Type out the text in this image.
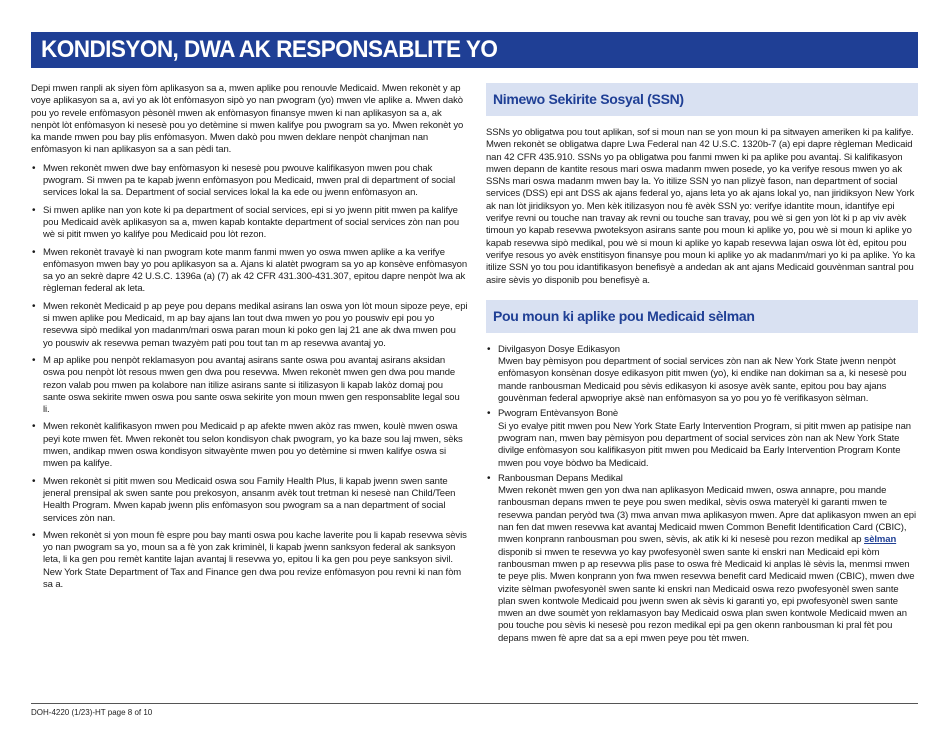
KONDISYON, DWA AK RESPONSABLITE YO

Depi mwen ranpli ak siyen fòm aplikasyon sa a, mwen aplike pou renouvle Medicaid. Mwen rekonèt y ap voye aplikasyon sa a, avi yo ak lòt enfòmasyon sipò yo nan pwogram (yo) mwen vle aplike a. Mwen dakò pou yo revele enfòmasyon pèsonèl mwen ak enfòmasyon finansye mwen ki nan aplikasyon sa a, ak nenpòt lòt enfòmasyon ki nesesè pou yo detèmine si mwen kalifye pou pwogram sa yo. Mwen rekonèt yo ka mande mwen pou bay plis enfòmasyon. Mwen dakò pou mwen deklare nenpòt chanjman nan enfòmasyon ki nan aplikasyon sa a san pèdi tan.

• Mwen rekonèt mwen dwe bay enfòmasyon ki nesesè pou pwouve kalifikasyon mwen pou chak pwogram. Si mwen pa te kapab jwenn enfòmasyon pou Medicaid, mwen pral di department of social services lokal la sa. Department of social services lokal la ka ede ou jwenn enfòmasyon an.
• Si mwen aplike nan yon kote ki pa department of social services, epi si yo jwenn pitit mwen pa kalifye pou Medicaid avèk aplikasyon sa a, mwen kapab kontakte department of social services zòn nan pou wè si pitit mwen yo kalifye pou Medicaid pou lòt rezon.
• Mwen rekonèt travayè ki nan pwogram kote manm fanmi mwen yo oswa mwen aplike a ka verifye enfòmasyon mwen bay yo pou aplikasyon sa a. Ajans ki alatèt pwogram sa yo ap konsève enfòmasyon sa yo an sekrè dapre 42 U.S.C. 1396a (a) (7) ak 42 CFR 431.300-431.307, epitou dapre nenpòt lwa ak règleman federal ak leta.
• Mwen rekonèt Medicaid p ap peye pou depans medikal asirans lan oswa yon lòt moun sipoze peye, epi si mwen aplike pou Medicaid, m ap bay ajans lan tout dwa mwen yo pou yo pouswiv epi pou yo resevwa sipò medikal yon madanm/mari oswa paran moun ki poko gen laj 21 ane ak dwa mwen pou yo pouswiv ak resevwa peman twazyèm pati pou tout tan m ap resevwa avantaj yo.
• M ap aplike pou nenpòt reklamasyon pou avantaj asirans sante oswa pou avantaj asirans aksidan oswa pou nenpòt lòt resous mwen gen dwa pou resevwa. Mwen rekonèt mwen gen dwa pou mande rezon valab pou mwen pa kolabore nan itilize asirans sante si itilizasyon li kapab lakòz domaj pou sante oswa sekirite mwen oswa pou sante oswa sekirite yon moun mwen gen responsablite legal sou li.
• Mwen rekonèt kalifikasyon mwen pou Medicaid p ap afekte mwen akòz ras mwen, koulè mwen oswa peyi kote mwen fèt. Mwen rekonèt tou selon kondisyon chak pwogram, yo ka baze sou laj mwen, sèks mwen, andikap mwen oswa kondisyon sitwayènte mwen pou yo detèmine si mwen kalifye oswa si mwen pa kalifye.
• Mwen rekonèt si pitit mwen sou Medicaid oswa sou Family Health Plus, li kapab jwenn swen sante jeneral prensipal ak swen sante pou prekosyon, ansanm avèk tout tretman ki nesesè nan Child/Teen Health Program. Mwen kapab jwenn plis enfòmasyon sou pwogram sa a nan department of social services zòn nan.
• Mwen rekonèt si yon moun fè espre pou bay manti oswa pou kache laverite pou li kapab resevwa sèvis yo nan pwogram sa yo, moun sa a fè yon zak kriminèl, li kapab jwenn sanksyon federal ak sanksyon leta, li ka gen pou remèt kantite lajan avantaj li resevwa yo, epitou li ka gen pou peye sanksyon sivil. New York State Department of Tax and Finance gen dwa pou revize enfòmasyon pou revni ki nan fòm sa a.
Nimewo Sekirite Sosyal (SSN)

SSNs yo obligatwa pou tout aplikan, sof si moun nan se yon moun ki pa sitwayen ameriken ki pa kalifye. Mwen rekonèt se obligatwa dapre Lwa Federal nan 42 U.S.C. 1320b-7 (a) epi dapre règleman Medicaid nan 42 CFR 435.910. SSNs yo pa obligatwa pou fanmi mwen ki pa aplike pou avantaj. Si kalifikasyon mwen depann de kantite resous mari oswa madanm mwen posede, yo ka verifye resous mwen yo ak SSNs mari oswa madanm mwen bay la. Yo itilize SSN yo nan plizyè fason, nan department of social services (DSS) epi ant DSS ak ajans federal yo, ajans leta yo ak ajans lokal yo, nan jiridiksyon New York ak nan lòt jiridiksyon yo. Men kèk itilizasyon nou fè avèk SSN yo: verifye idantite moun, idantifye epi verifye revni ou touche nan travay ak revni ou touche san travay, pou wè si gen yon lòt ki p ap viv avèk timoun yo kapab resevwa pwoteksyon asirans sante pou moun ki aplike yo, pou wè si moun ki aplike yo kapab resevwa sipò medikal, pou wè si moun ki aplike yo kapab resevwa lajan oswa lòt èd, epitou pou verifye resous yo avèk enstitisyon finansye pou moun ki aplike yo ak madanm/mari yo ki pa aplike. Yo ka itilize SSN yo tou pou idantifikasyon benefisyè a andedan ak ant ajans Medicaid gouvènman santral pou asire sèvis yo disponib pou benefisyè a.

Pou moun ki aplike pou Medicaid sèlman
• Divilgasyon Dosye Edikasyon
Mwen bay pèmisyon pou department of social services zòn nan ak New York State jwenn nenpòt enfòmasyon konsènan dosye edikasyon pitit mwen (yo), ki endike nan dokiman sa a, ki nesesè pou mande ranbousman Medicaid pou sèvis edikasyon ki asosye avèk sante, epitou pou bay ajans gouvènman federal apwopriye aksè nan enfòmasyon sa yo pou yo fè verifikasyon sèlman.
• Pwogram Entèvansyon Bonè
Si yo evalye pitit mwen pou New York State Early Intervention Program, si pitit mwen ap patisipe nan pwogram nan, mwen bay pèmisyon pou department of social services zòn nan ak New York State divilge enfòmasyon sou kalifikasyon pitit mwen pou Medicaid ba Early Intervention Program Konte mwen pou voye bòdwo ba Medicaid.
• Ranbousman Depans Medikal
Mwen rekonèt mwen gen yon dwa nan aplikasyon Medicaid mwen, oswa annapre, pou mande ranbousman depans mwen te peye pou swen medikal, sèvis oswa materyèl ki garanti mwen te resevwa pandan peryòd twa (3) mwa anvan mwa aplikasyon mwen. Apre dat aplikasyon mwen an epi nan fen dat mwen resevwa kat avantaj Medicaid mwen Common Benefit Identification Card (CBIC), mwen konprann ranbousman pou swen, sèvis, ak atik ki ki nesesè pou rezon medikal ap sèlman disponib si mwen te resevwa yo kay pwofesyonèl swen sante ki enskri nan Medicaid epi kòm ranbousman mwen p ap resevwa plis pase to oswa frè Medicaid ki anplas lè sèvis la, menmsi mwen te peye plis. Mwen konprann yon fwa mwen resevwa benefit card Medicaid mwen (CBIC), mwen dwe vizite sèlman pwofesyonèl swen sante ki enskri nan Medicaid oswa rezo pwofesyonèl swen sante plan swen kontwole Medicaid pou jwenn swen ak sèvis ki garanti yo, epi pwofesyonèl swen sante mwen an dwe soumèt yon reklamasyon bay Medicaid oswa plan swen kontwole Medicaid mwen an pou touche pou sèvis ki nesesè pou rezon medikal epi pa gen okenn ranbousman ki pral fèt pou depans mwen fè apre dat sa a epi mwen peye pou tèt mwen.
DOH-4220 (1/23)-HT page 8 of 10
